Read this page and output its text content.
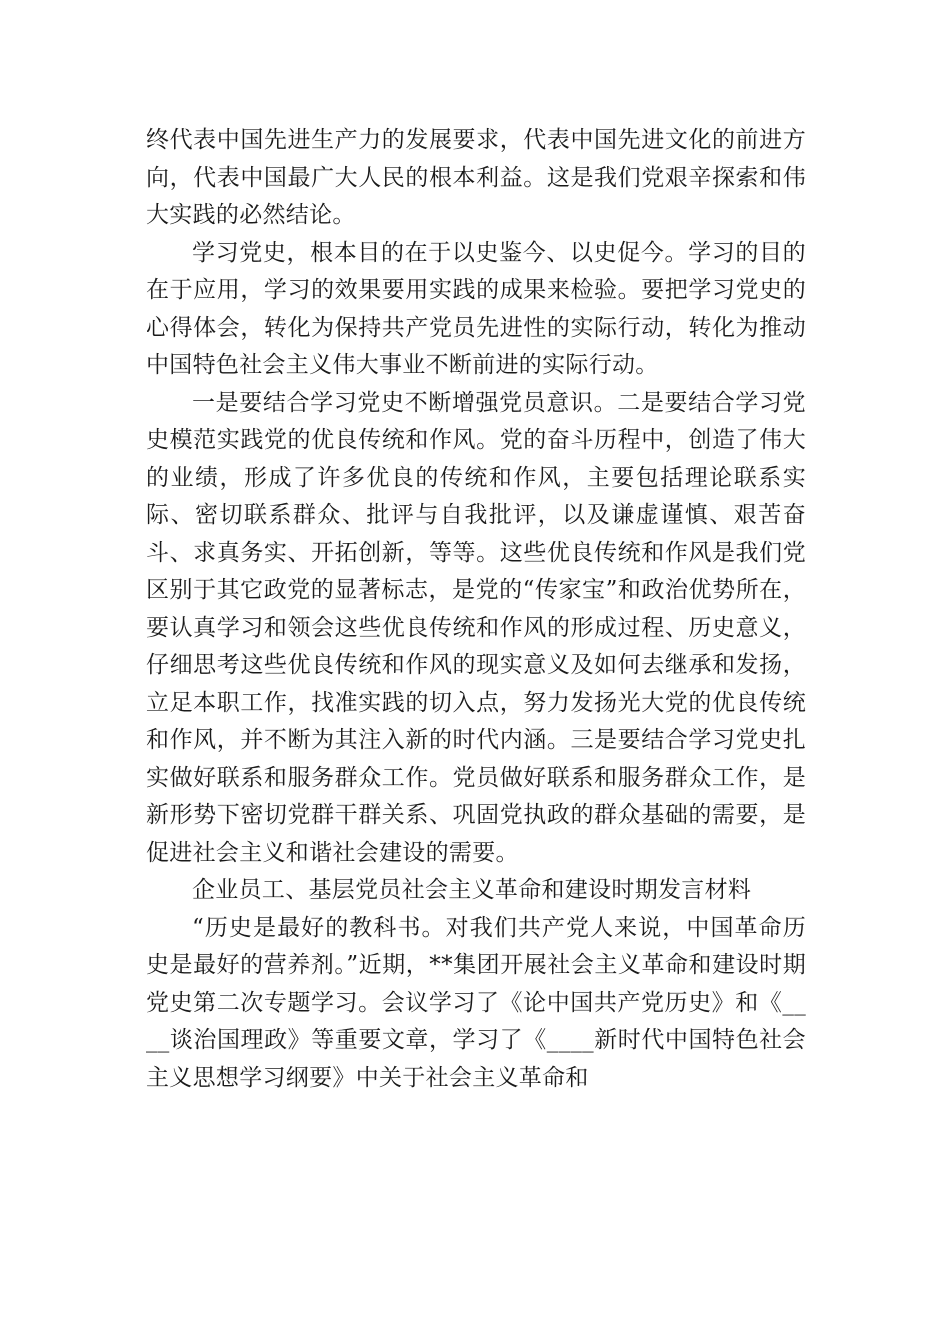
终代表中国先进生产力的发展要求，代表中国先进文化的前进方向，代表中国最广大人民的根本利益。这是我们党艰辛探索和伟大实践的必然结论。

学习党史，根本目的在于以史鉴今、以史促今。学习的目的在于应用，学习的效果要用实践的成果来检验。要把学习党史的心得体会，转化为保持共产党员先进性的实际行动，转化为推动中国特色社会主义伟大事业不断前进的实际行动。

一是要结合学习党史不断增强党员意识。二是要结合学习党史模范实践党的优良传统和作风。党的奋斗历程中，创造了伟大的业绩，形成了许多优良的传统和作风，主要包括理论联系实际、密切联系群众、批评与自我批评，以及谦虚谨慎、艰苦奋斗、求真务实、开拓创新，等等。这些优良传统和作风是我们党区别于其它政党的显著标志，是党的“传家宝”和政治优势所在，要认真学习和领会这些优良传统和作风的形成过程、历史意义，仔细思考这些优良传统和作风的现实意义及如何去继承和发扬，立足本职工作，找准实践的切入点，努力发扬光大党的优良传统和作风，并不断为其注入新的时代内涵。三是要结合学习党史扎实做好联系和服务群众工作。党员做好联系和服务群众工作，是新形势下密切党群干群关系、巩固党执政的群众基础的需要，是促进社会主义和谐社会建设的需要。

企业员工、基层党员社会主义革命和建设时期发言材料

“历史是最好的教科书。对我们共产党人来说，中国革命历史是最好的营养剂。”近期，**集团开展社会主义革命和建设时期党史第二次专题学习。会议学习了《论中国共产党历史》和《____谈治国理政》等重要文章，学习了《____新时代中国特色社会主义思想学习纲要》中关于社会主义革命和
